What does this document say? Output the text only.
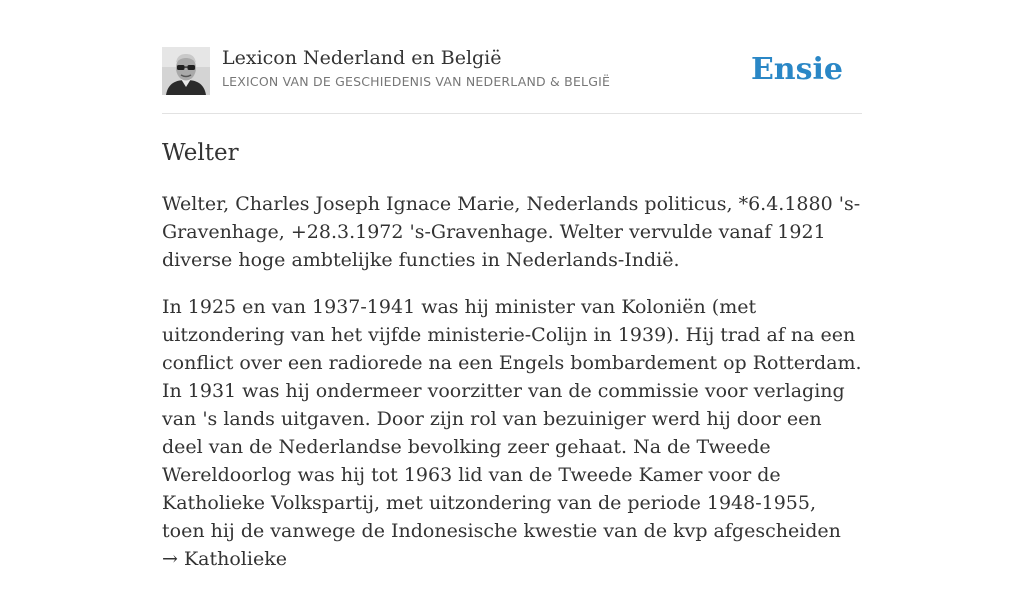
Lexicon Nederland en België
LEXICON VAN DE GESCHIEDENIS VAN NEDERLAND & BELGIË	Ensie
Welter

Welter, Charles Joseph Ignace Marie, Nederlands politicus, *6.4.1880 's-Gravenhage, +28.3.1972 's-Gravenhage. Welter vervulde vanaf 1921 diverse hoge ambtelijke functies in Nederlands-Indië.

In 1925 en van 1937-1941 was hij minister van Koloniën (met uitzondering van het vijfde ministerie-Colijn in 1939). Hij trad af na een conflict over een radiorede na een Engels bombardement op Rotterdam. In 1931 was hij ondermeer voorzitter van de commissie voor verlaging van 's lands uitgaven. Door zijn rol van bezuiniger werd hij door een deel van de Nederlandse bevolking zeer gehaat. Na de Tweede Wereldoorlog was hij tot 1963 lid van de Tweede Kamer voor de Katholieke Volkspartij, met uitzondering van de periode 1948-1955, toen hij de vanwege de Indonesische kwestie van de kvp afgescheiden → Katholieke
